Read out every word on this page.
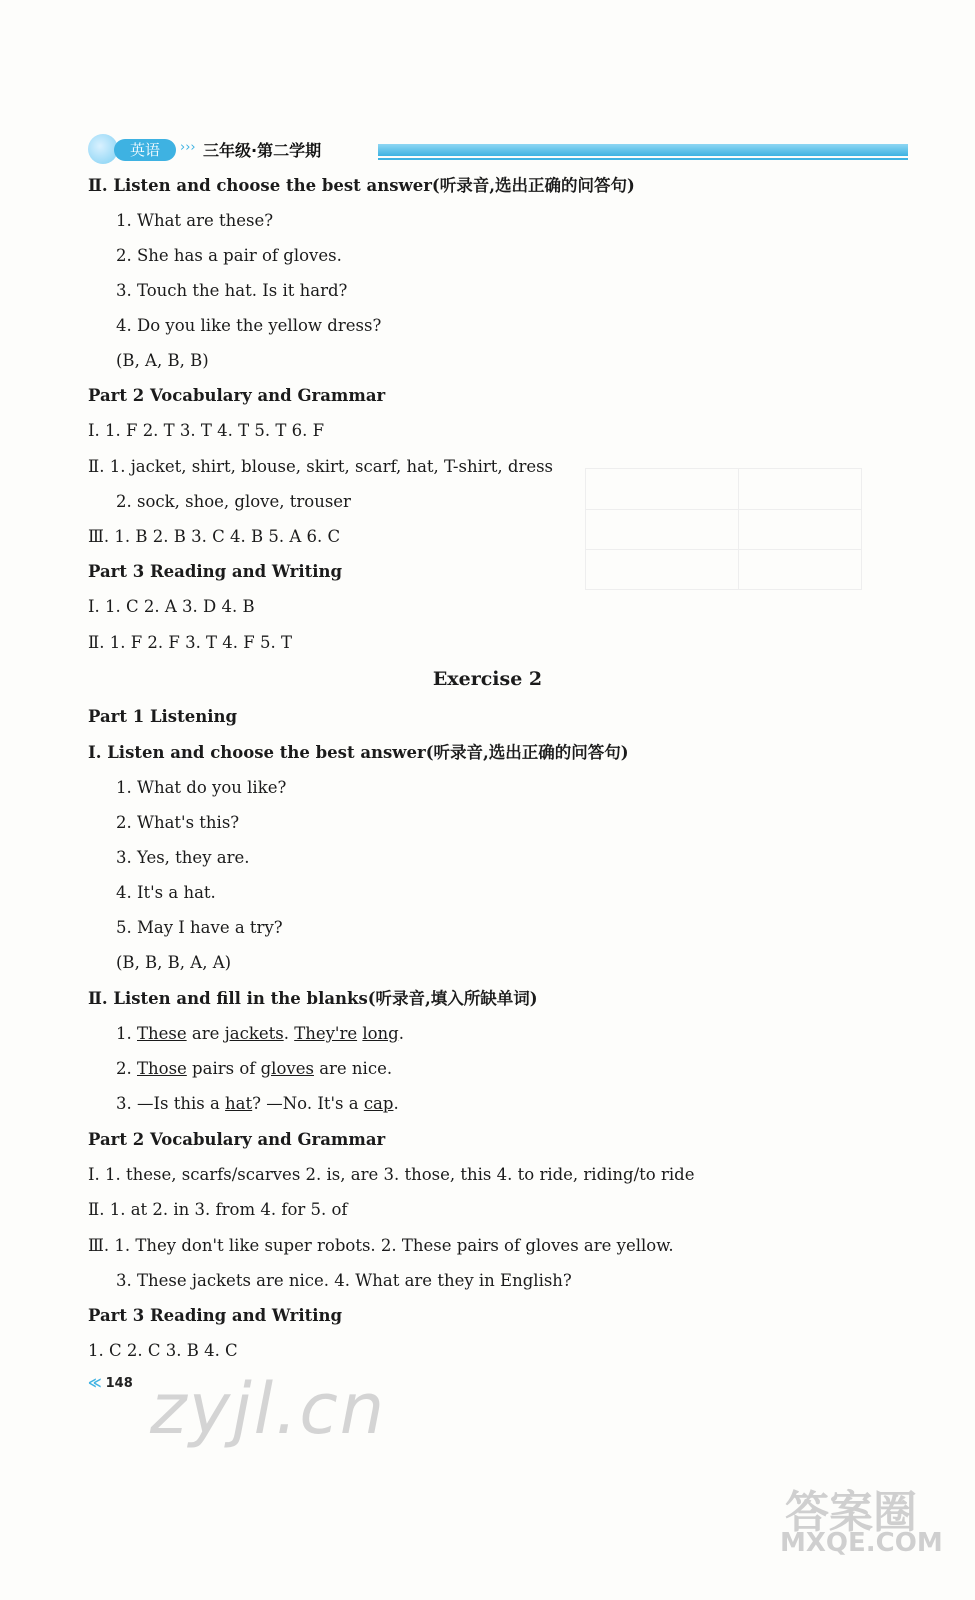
英语	››› 三年级·第二学期
Ⅱ. Listen and choose the best answer(听录音,选出正确的问答句)
1. What are these?
2. She has a pair of gloves.
3. Touch the hat. Is it hard?
4. Do you like the yellow dress?
(B, A, B, B)
Part 2 Vocabulary and Grammar
Ⅰ. 1. F 2. T 3. T 4. T 5. T 6. F
Ⅱ. 1. jacket, shirt, blouse, skirt, scarf, hat, T-shirt, dress
2. sock, shoe, glove, trouser
Ⅲ. 1. B 2. B 3. C 4. B 5. A 6. C
Part 3 Reading and Writing
Ⅰ. 1. C 2. A 3. D 4. B
Ⅱ. 1. F 2. F 3. T 4. F 5. T
Exercise 2
Part 1 Listening
Ⅰ. Listen and choose the best answer(听录音,选出正确的问答句)
1. What do you like?
2. What's this?
3. Yes, they are.
4. It's a hat.
5. May I have a try?
(B, B, B, A, A)
Ⅱ. Listen and fill in the blanks(听录音,填入所缺单词)
1. These are jackets. They're long.
2. Those pairs of gloves are nice.
3. —Is this a hat? —No. It's a cap.
Part 2 Vocabulary and Grammar
Ⅰ. 1. these, scarfs/scarves 2. is, are 3. those, this 4. to ride, riding/to ride
Ⅱ. 1. at 2. in 3. from 4. for 5. of
Ⅲ. 1. They don't like super robots. 2. These pairs of gloves are yellow.
3. These jackets are nice. 4. What are they in English?
Part 3 Reading and Writing
1. C 2. C 3. B 4. C
≪ 148 zyjl.cn
答案圈
MXQE.COM
